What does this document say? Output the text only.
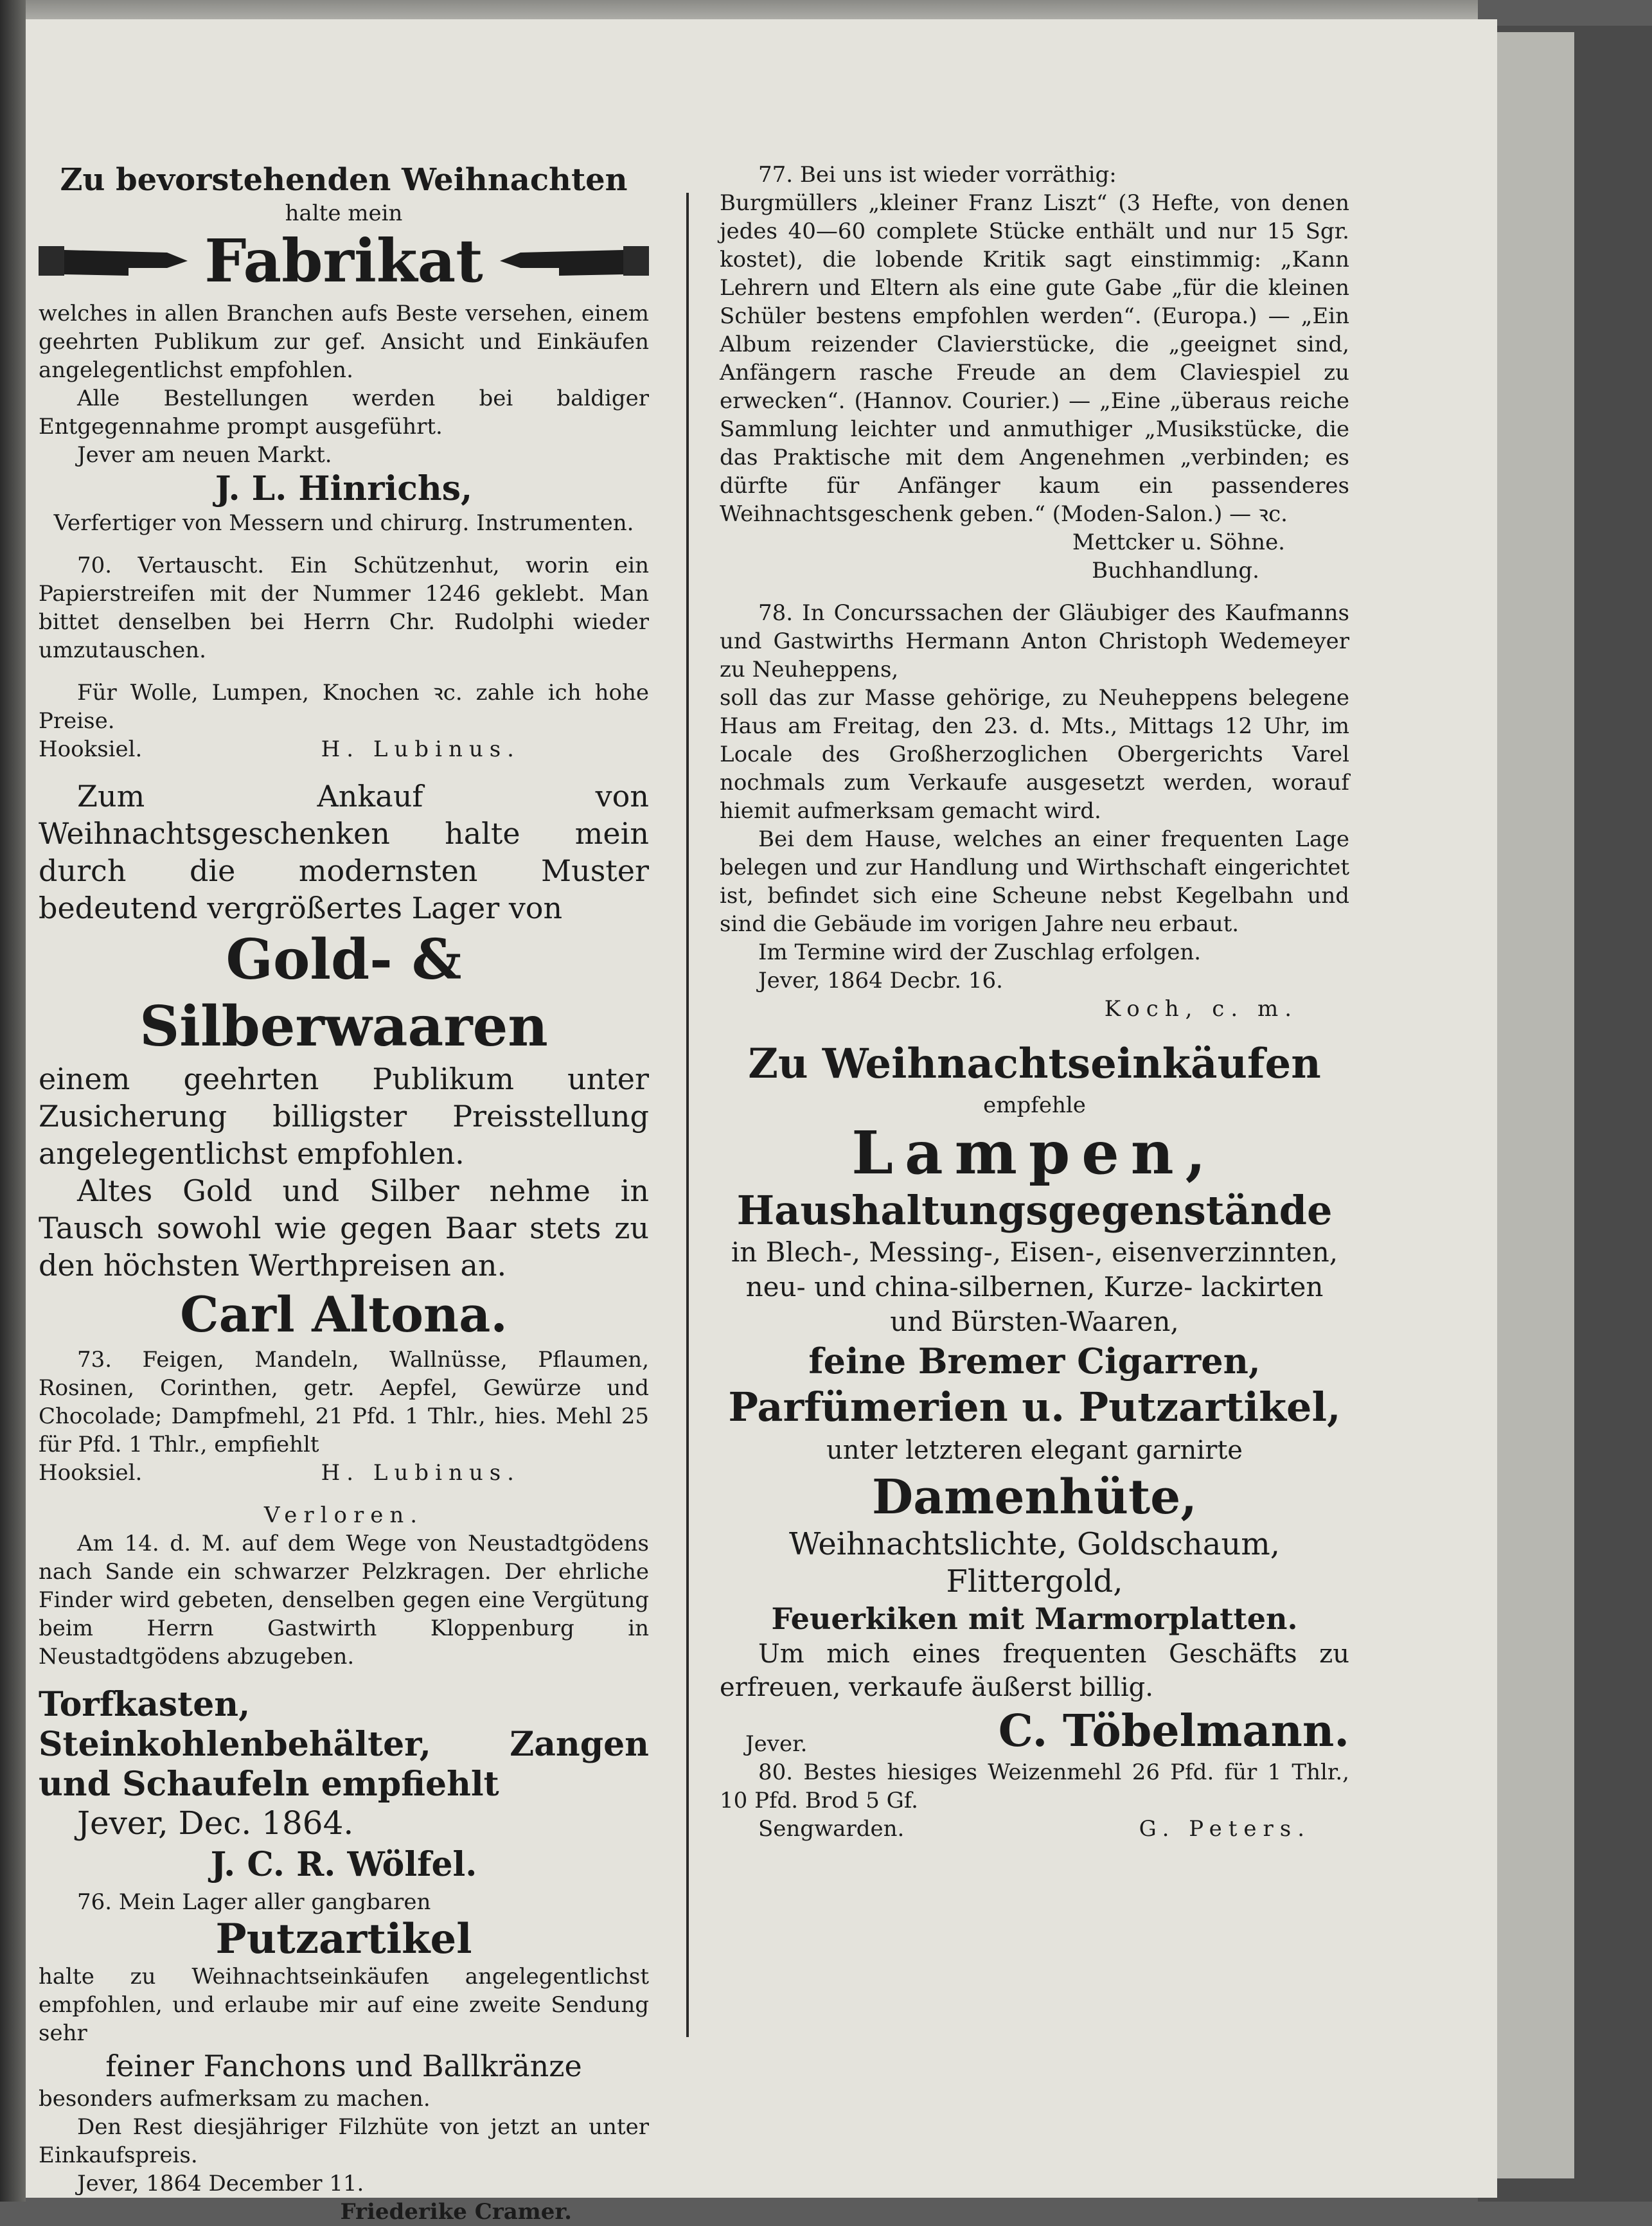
Zu bevorstehenden Weihnachten

halte mein

Fabrikat

welches in allen Branchen aufs Beste versehen, einem geehrten Publikum zur gef. Ansicht und Einkäufen angelegentlichst empfohlen.

Alle Bestellungen werden bei baldiger Entgegennahme prompt ausgeführt.

Jever am neuen Markt.

J. L. Hinrichs,

Verfertiger von Messern und chirurg. Instrumenten.

70. Vertauscht. Ein Schützenhut, worin ein Papierstreifen mit der Nummer 1246 geklebt. Man bittet denselben bei Herrn Chr. Rudolphi wieder umzutauschen.

Für Wolle, Lumpen, Knochen ꝛc. zahle ich hohe Preise.

Hooksiel.	H. Lubinus.

Zum Ankauf von Weihnachtsgeschenken halte mein durch die modernsten Muster bedeutend vergrößertes Lager von

Gold- & Silberwaaren

einem geehrten Publikum unter Zusicherung billigster Preisstellung angelegentlichst empfohlen.

Altes Gold und Silber nehme in Tausch sowohl wie gegen Baar stets zu den höchsten Werthpreisen an.

Carl Altona.

73. Feigen, Mandeln, Wallnüsse, Pflaumen, Rosinen, Corinthen, getr. Aepfel, Gewürze und Chocolade; Dampfmehl, 21 Pfd. 1 Thlr., hies. Mehl 25 für Pfd. 1 Thlr., empfiehlt

Hooksiel.	H. Lubinus.

Verloren.

Am 14. d. M. auf dem Wege von Neustadtgödens nach Sande ein schwarzer Pelzkragen. Der ehrliche Finder wird gebeten, denselben gegen eine Vergütung beim Herrn Gastwirth Kloppenburg in Neustadtgödens abzugeben.

Torfkasten, Steinkohlenbehälter, Zangen und Schaufeln empfiehlt

Jever, Dec. 1864.

J. C. R. Wölfel.

76. Mein Lager aller gangbaren

Putzartikel

halte zu Weihnachtseinkäufen angelegentlichst empfohlen, und erlaube mir auf eine zweite Sendung sehr

feiner Fanchons und Ballkränze

besonders aufmerksam zu machen.

Den Rest diesjähriger Filzhüte von jetzt an unter Einkaufspreis.

Jever, 1864 December 11.

Friederike Cramer.

77. Bei uns ist wieder vorräthig:

Burgmüllers „kleiner Franz Liszt“ (3 Hefte, von denen jedes 40—60 complete Stücke enthält und nur 15 Sgr. kostet), die lobende Kritik sagt einstimmig: „Kann Lehrern und Eltern als eine gute Gabe „für die kleinen Schüler bestens empfohlen werden“. (Europa.) — „Ein Album reizender Clavierstücke, die „geeignet sind, Anfängern rasche Freude an dem Claviespiel zu erwecken“. (Hannov. Courier.) — „Eine „überaus reiche Sammlung leichter und anmuthiger „Musikstücke, die das Praktische mit dem Angenehmen „verbinden; es dürfte für Anfänger kaum ein passenderes Weihnachtsgeschenk geben.“ (Moden-Salon.) — ꝛc.

Mettcker u. Söhne.

Buchhandlung.

78. In Concurssachen der Gläubiger des Kaufmanns und Gastwirths Hermann Anton Christoph Wedemeyer zu Neuheppens,

soll das zur Masse gehörige, zu Neuheppens belegene Haus am Freitag, den 23. d. Mts., Mittags 12 Uhr, im Locale des Großherzoglichen Obergerichts Varel nochmals zum Verkaufe ausgesetzt werden, worauf hiemit aufmerksam gemacht wird.

Bei dem Hause, welches an einer frequenten Lage belegen und zur Handlung und Wirthschaft eingerichtet ist, befindet sich eine Scheune nebst Kegelbahn und sind die Gebäude im vorigen Jahre neu erbaut.

Im Termine wird der Zuschlag erfolgen.

Jever, 1864 Decbr. 16.

Koch, c. m.

Zu Weihnachtseinkäufen

empfehle

Lampen,

Haushaltungsgegenstände

in Blech-, Messing-, Eisen-, eisenverzinnten, neu- und china-silbernen, Kurze- lackirten und Bürsten-Waaren,

feine Bremer Cigarren,

Parfümerien u. Putzartikel,

unter letzteren elegant garnirte

Damenhüte,

Weihnachtslichte, Goldschaum,

Flittergold,

Feuerkiken mit Marmorplatten.

Um mich eines frequenten Geschäfts zu erfreuen, verkaufe äußerst billig.

Jever.	C. Töbelmann.

80. Bestes hiesiges Weizenmehl 26 Pfd. für 1 Thlr., 10 Pfd. Brod 5 Gf.

Sengwarden.	G. Peters.
